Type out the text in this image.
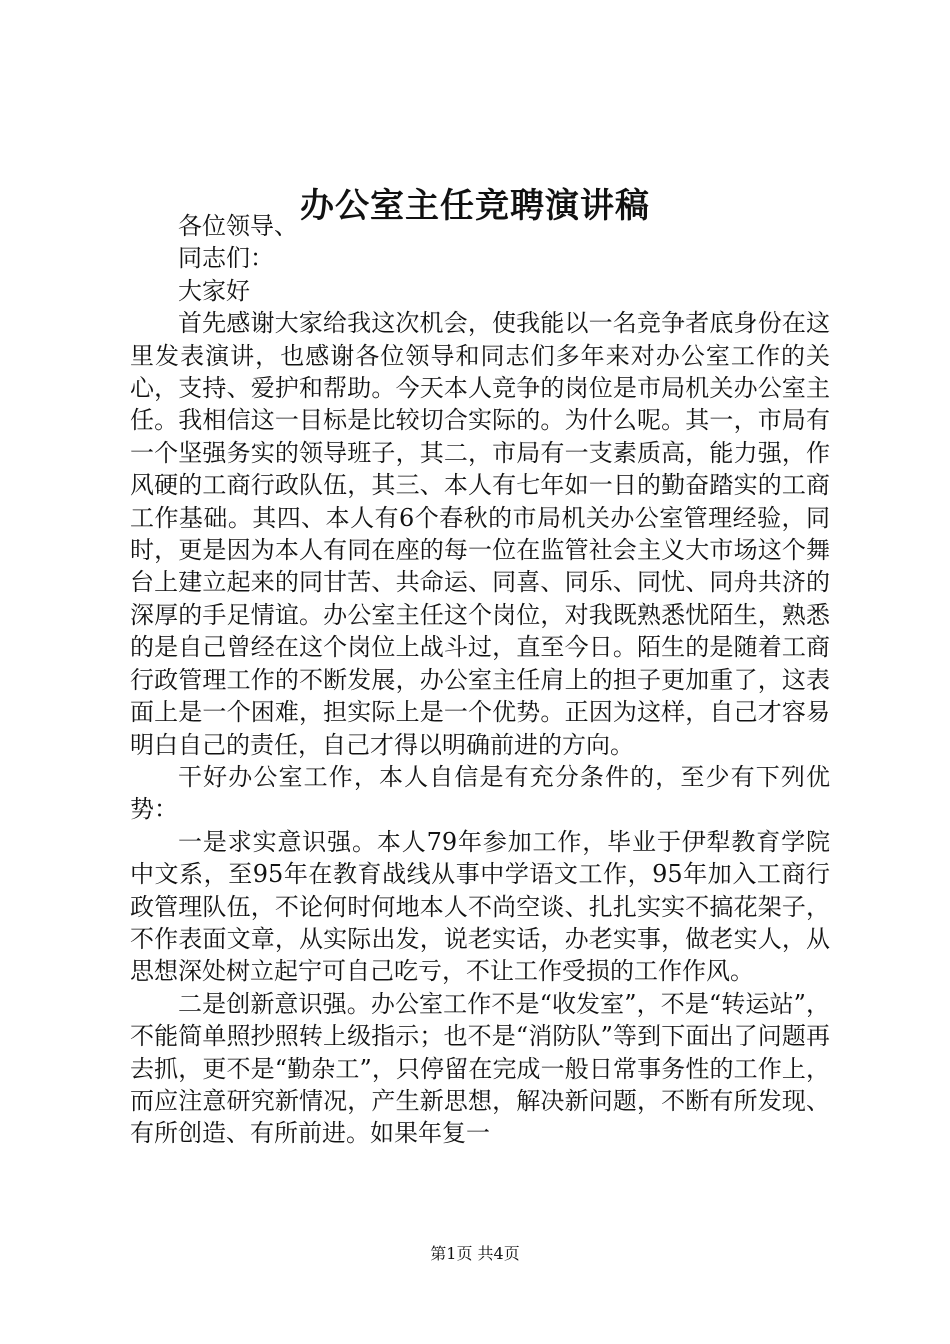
办公室主任竞聘演讲稿

各位领导、

同志们：

大家好

首先感谢大家给我这次机会，使我能以一名竞争者底身份在这里发表演讲，也感谢各位领导和同志们多年来对办公室工作的关心，支持、爱护和帮助。今天本人竞争的岗位是市局机关办公室主任。我相信这一目标是比较切合实际的。为什么呢。其一，市局有一个坚强务实的领导班子，其二，市局有一支素质高，能力强，作风硬的工商行政队伍，其三、本人有七年如一日的勤奋踏实的工商工作基础。其四、本人有6个春秋的市局机关办公室管理经验，同时，更是因为本人有同在座的每一位在监管社会主义大市场这个舞台上建立起来的同甘苦、共命运、同喜、同乐、同忧、同舟共济的深厚的手足情谊。办公室主任这个岗位，对我既熟悉忧陌生，熟悉的是自己曾经在这个岗位上战斗过，直至今日。陌生的是随着工商行政管理工作的不断发展，办公室主任肩上的担子更加重了，这表面上是一个困难，担实际上是一个优势。正因为这样，自己才容易明白自己的责任，自己才得以明确前进的方向。

干好办公室工作，本人自信是有充分条件的，至少有下列优势：

一是求实意识强。本人79年参加工作，毕业于伊犁教育学院中文系，至95年在教育战线从事中学语文工作，95年加入工商行政管理队伍，不论何时何地本人不尚空谈、扎扎实实不搞花架子，不作表面文章，从实际出发，说老实话，办老实事，做老实人，从思想深处树立起宁可自己吃亏，不让工作受损的工作作风。

二是创新意识强。办公室工作不是“收发室”，不是“转运站”，不能简单照抄照转上级指示；也不是“消防队”等到下面出了问题再去抓，更不是“勤杂工”，只停留在完成一般日常事务性的工作上，而应注意研究新情况，产生新思想，解决新问题，不断有所发现、有所创造、有所前进。如果年复一

第1页 共4页
